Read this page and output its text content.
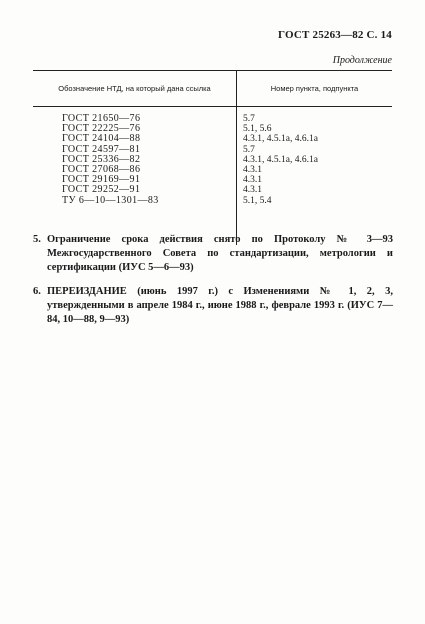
ГОСТ 25263—82 С. 14
Продолжение
Обозначение НТД, на который дана ссылка	Номер пункта, подпункта
ГОСТ 21650—76
ГОСТ 22225—76
ГОСТ 24104—88
ГОСТ 24597—81
ГОСТ 25336—82
ГОСТ 27068—86
ГОСТ 29169—91
ГОСТ 29252—91
ТУ 6—10—1301—83
5.7
5.1, 5.6
4.3.1, 4.5.1а, 4.6.1а
5.7
4.3.1, 4.5.1а, 4.6.1а
4.3.1
4.3.1
4.3.1
5.1, 5.4
5. Ограничение срока действия снято по Протоколу № 3—93 Межгосударственного Совета по стандартизации, метрологии и сертификации (ИУС 5—6—93)
6. ПЕРЕИЗДАНИЕ (июнь 1997 г.) с Изменениями № 1, 2, 3, утвержденными в апреле 1984 г., июне 1988 г., феврале 1993 г. (ИУС 7—84, 10—88, 9—93)
